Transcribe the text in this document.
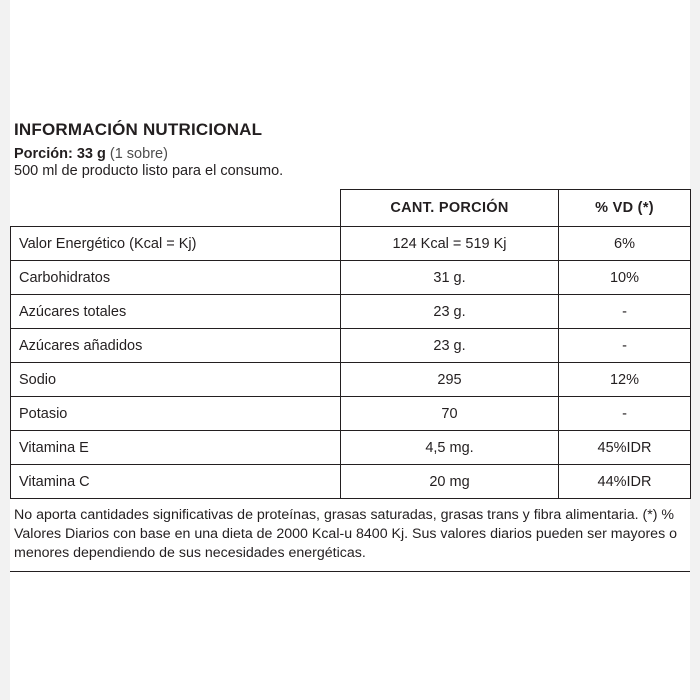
INFORMACIÓN NUTRICIONAL
Porción: 33 g (1 sobre)
500 ml de producto listo para el consumo.
	CANT. PORCIÓN	% VD (*)
Valor Energético (Kcal = Kj)	124 Kcal = 519 Kj	6%
Carbohidratos	31 g.	10%
Azúcares totales	23 g.	-
Azúcares añadidos	23 g.	-
Sodio	295	12%
Potasio	70	-
Vitamina E	4,5 mg.	45%IDR
Vitamina C	20 mg	44%IDR
No aporta cantidades significativas de proteínas, grasas saturadas, grasas trans y fibra alimentaria. (*) % Valores Diarios con base en una dieta de 2000 Kcal-u 8400 Kj. Sus valores diarios pueden ser mayores o menores dependiendo de sus necesidades energéticas.
